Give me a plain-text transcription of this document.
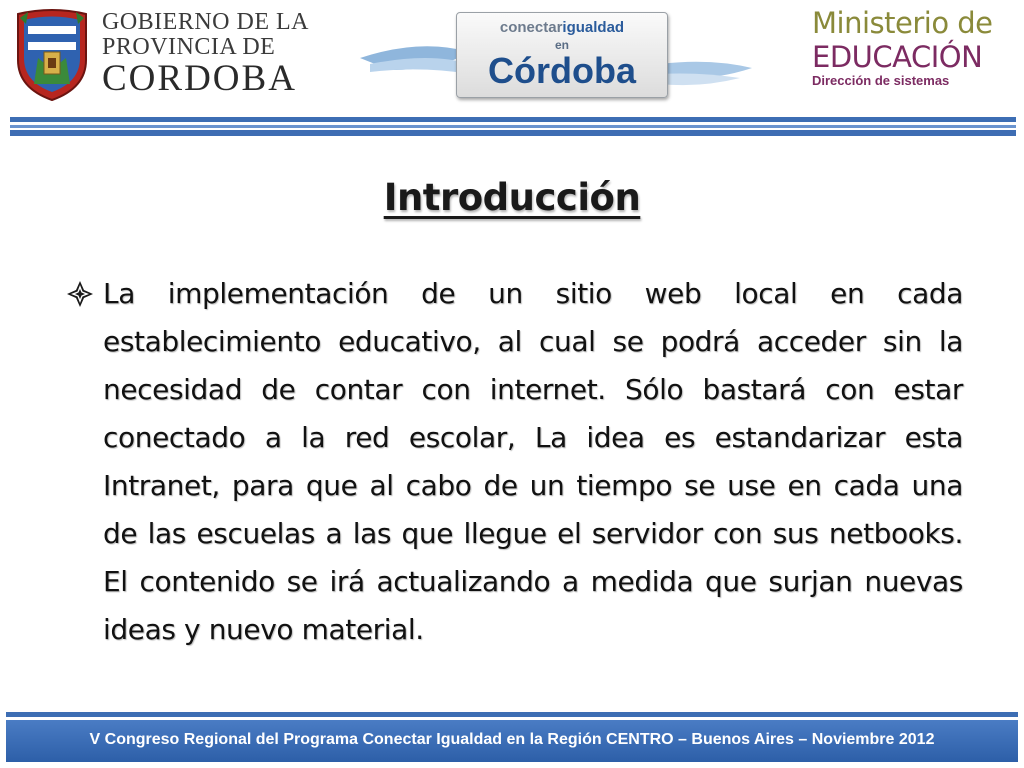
GOBIERNO DE LA
PROVINCIA DE
CORDOBA
conectarigualdad
en
Córdoba
Ministerio de
EDUCACIÓN
Dirección de sistemas
Introducción

La implementación de un sitio web local en cada establecimiento educativo, al cual se podrá acceder sin la necesidad de contar con internet. Sólo bastará con estar conectado a la red escolar, La idea es estandarizar esta Intranet, para que al cabo de un tiempo se use en cada una de las escuelas a las que llegue el servidor con sus netbooks. El contenido se irá actualizando a medida que surjan nuevas ideas y nuevo material.

V Congreso Regional del Programa Conectar Igualdad en la Región CENTRO – Buenos Aires – Noviembre 2012
